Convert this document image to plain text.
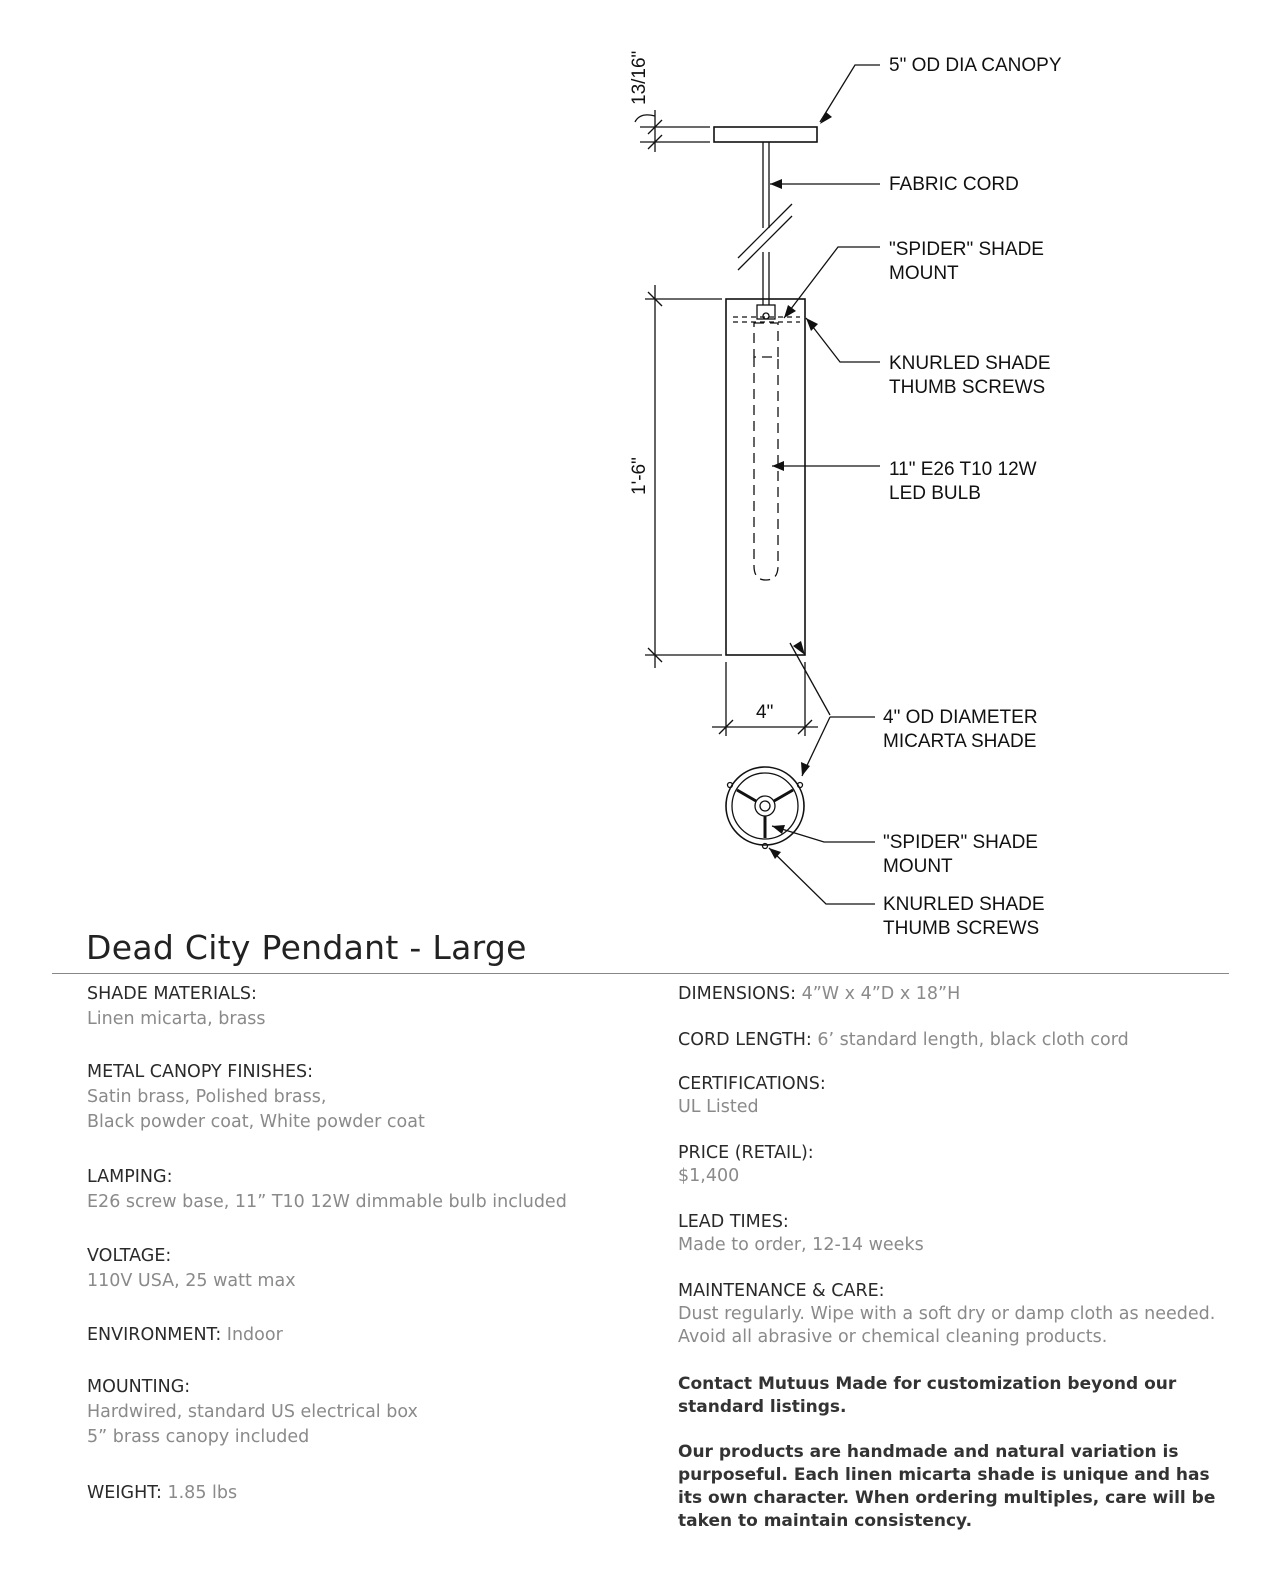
13/16"
1'-6"
4"
5" OD DIA CANOPY
FABRIC CORD
"SPIDER" SHADE MOUNT
KNURLED SHADE THUMB SCREWS
11" E26 T10 12W LED BULB
4" OD DIAMETER MICARTA SHADE
"SPIDER" SHADE MOUNT
KNURLED SHADE THUMB SCREWS
Dead City Pendant - Large
SHADE MATERIALS:
Linen micarta, brass
METAL CANOPY FINISHES:
Satin brass, Polished brass,
Black powder coat, White powder coat
LAMPING:
E26 screw base, 11” T10 12W dimmable bulb included
VOLTAGE:
110V USA, 25 watt max
ENVIRONMENT: Indoor
MOUNTING:
Hardwired, standard US electrical box
5” brass canopy included
WEIGHT: 1.85 lbs
DIMENSIONS: 4”W x 4”D x 18”H
CORD LENGTH: 6’ standard length, black cloth cord
CERTIFICATIONS:
UL Listed
PRICE (RETAIL):
$1,400
LEAD TIMES:
Made to order, 12-14 weeks
MAINTENANCE & CARE:
Dust regularly. Wipe with a soft dry or damp cloth as needed.
Avoid all abrasive or chemical cleaning products.
Contact Mutuus Made for customization beyond our standard listings.
Our products are handmade and natural variation is purposeful. Each linen micarta shade is unique and has its own character. When ordering multiples, care will be taken to maintain consistency.
